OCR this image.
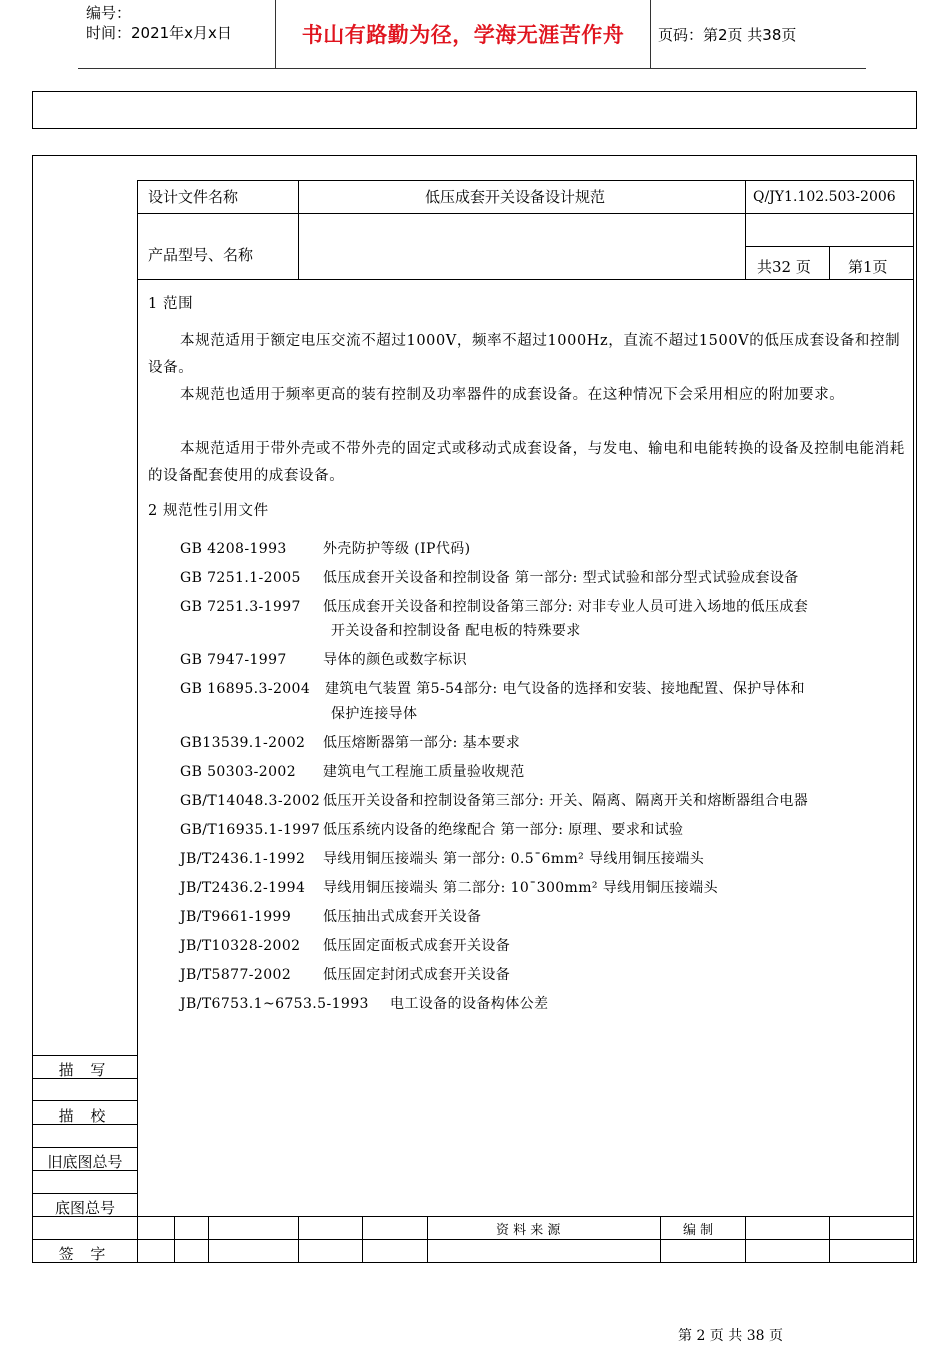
编号：
时间：2021年x月x日	书山有路勤为径，学海无涯苦作舟	页码：第2页 共38页
设计文件名称	低压成套开关设备设计规范	Q/JY1.102.503-2006
产品型号、名称
共32 页 第1页
1 范围
本规范适用于额定电压交流不超过1000V，频率不超过1000Hz，直流不超过1500V的低压成套设备和控制设备。
本规范也适用于频率更高的装有控制及功率器件的成套设备。在这种情况下会采用相应的附加要求。
本规范适用于带外壳或不带外壳的固定式或移动式成套设备，与发电、输电和电能转换的设备及控制电能消耗的设备配套使用的成套设备。
2 规范性引用文件
GB 4208-1993	外壳防护等级 (IP代码)
GB 7251.1-2005 低压成套开关设备和控制设备 第一部分: 型式试验和部分型式试验成套设备
GB 7251.3-1997 低压成套开关设备和控制设备第三部分: 对非专业人员可进入场地的低压成套
开关设备和控制设备 配电板的特殊要求
GB 7947-1997	导体的颜色或数字标识
GB 16895.3-2004 建筑电气装置 第5-54部分: 电气设备的选择和安装、接地配置、保护导体和
保护连接导体
GB13539.1-2002 低压熔断器第一部分: 基本要求
GB 50303-2002 建筑电气工程施工质量验收规范
GB/T14048.3-2002 低压开关设备和控制设备第三部分: 开关、隔离、隔离开关和熔断器组合电器
GB/T16935.1-1997 低压系统内设备的绝缘配合 第一部分: 原理、要求和试验
JB/T2436.1-1992 导线用铜压接端头 第一部分: 0.5¯6mm² 导线用铜压接端头
JB/T2436.2-1994 导线用铜压接端头 第二部分: 10¯300mm² 导线用铜压接端头
JB/T9661-1999 低压抽出式成套开关设备
JB/T10328-2002 低压固定面板式成套开关设备
JB/T5877-2002 低压固定封闭式成套开关设备
JB/T6753.1~6753.5-1993 电工设备的设备构体公差
描 写
描 校
旧底图总号
底图总号
签 字
资 料 来 源	编 制
第 2 页 共 38 页
